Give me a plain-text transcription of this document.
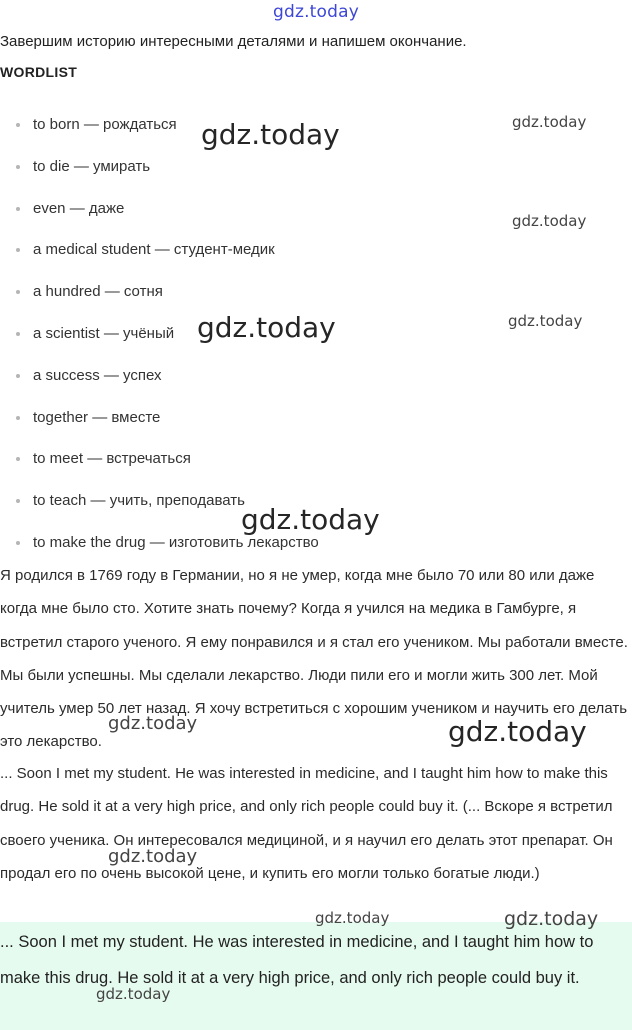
gdz.today
Завершим историю интересными деталями и напишем окончание.
WORDLIST
to born — рождаться
to die — умирать
even — даже
a medical student — студент-медик
a hundred — сотня
a scientist — учёный
a success — успех
together — вместе
to meet — встречаться
to teach — учить, преподавать
to make the drug — изготовить лекарство

Я родился в 1769 году в Германии, но я не умер, когда мне было 70 или 80 или даже когда мне было сто. Хотите знать почему? Когда я учился на медика в Гамбурге, я встретил старого ученого. Я ему понравился и я стал его учеником. Мы работали вместе. Мы были успешны. Мы сделали лекарство. Люди пили его и могли жить 300 лет. Мой учитель умер 50 лет назад. Я хочу встретиться с хорошим учеником и научить его делать это лекарство.

... Soon I met my student. He was interested in medicine, and I taught him how to make this drug. He sold it at a very high price, and only rich people could buy it. (... Вскоре я встретил своего ученика. Он интересовался медициной, и я научил его делать этот препарат. Он продал его по очень высокой цене, и купить его могли только богатые люди.)

... Soon I met my student. He was interested in medicine, and I taught him how to make this drug. He sold it at a very high price, and only rich people could buy it.

gdz.today	gdz.today
gdz.today
gdz.today	gdz.today
gdz.today
gdz.today	gdz.today
gdz.today
gdz.today	gdz.today
gdz.today
